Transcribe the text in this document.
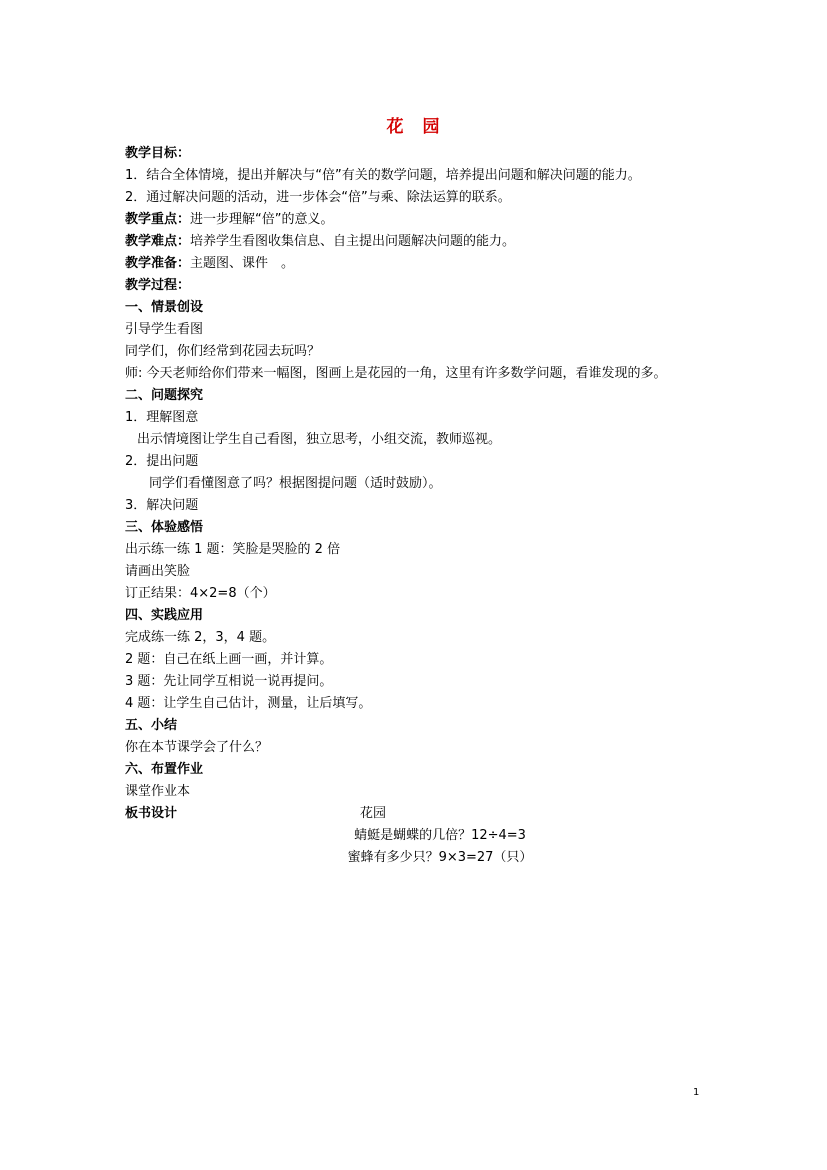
花　园
教学目标：
1．结合全体情境，提出并解决与“倍”有关的数学问题，培养提出问题和解决问题的能力。
2．通过解决问题的活动，进一步体会“倍”与乘、除法运算的联系。
教学重点：进一步理解“倍”的意义。
教学难点：培养学生看图收集信息、自主提出问题解决问题的能力。
教学准备：主题图、课件　。
教学过程：
一、情景创设
引导学生看图
同学们，你们经常到花园去玩吗？
师: 今天老师给你们带来一幅图，图画上是花园的一角，这里有许多数学问题，看谁发现的多。
二、问题探究
1．理解图意
出示情境图让学生自己看图，独立思考，小组交流，教师巡视。
2．提出问题
同学们看懂图意了吗？根据图提问题（适时鼓励）。
3．解决问题
三、体验感悟
出示练一练 1 题：笑脸是哭脸的 2 倍
请画出笑脸
订正结果：4×2=8（个）
四、实践应用
完成练一练 2，3，4 题。
2 题：自己在纸上画一画，并计算。
3 题：先让同学互相说一说再提问。
4 题：让学生自己估计，测量，让后填写。
五、小结
你在本节课学会了什么？
六、布置作业
课堂作业本
板书设计	花园
蜻蜓是蝴蝶的几倍？12÷4=3
蜜蜂有多少只？9×3=27（只）
1
